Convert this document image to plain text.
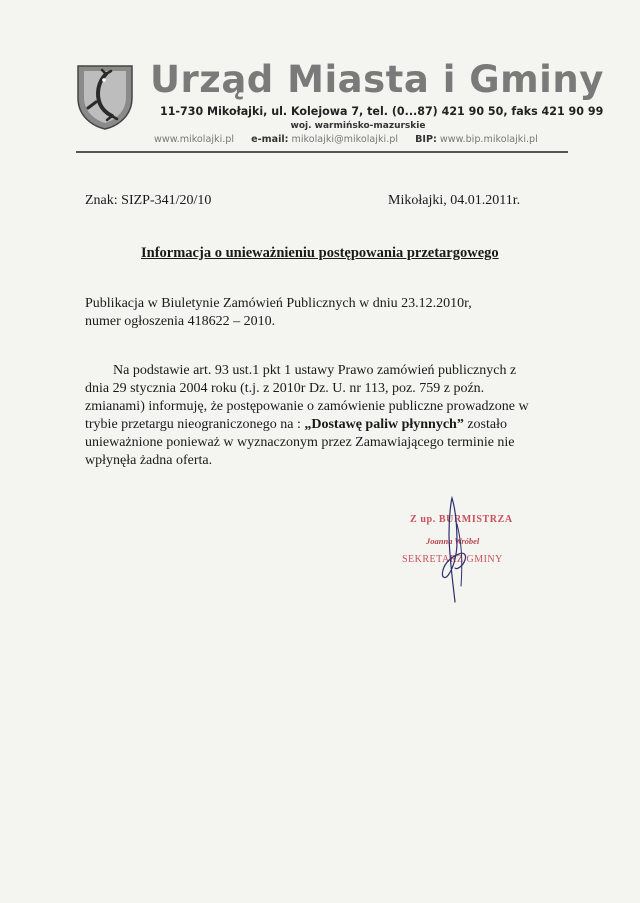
Urząd Miasta i Gminy
11-730 Mikołajki, ul. Kolejowa 7, tel. (0...87) 421 90 50, faks 421 90 99
woj. warmińsko-mazurskie
www.mikolajki.pl e-mail: mikolajki@mikolajki.pl BIP: www.bip.mikolajki.pl
Znak: SIZP-341/20/10	Mikołajki, 04.01.2011r.
Informacja o unieważnieniu postępowania przetargowego
Publikacja w Biuletynie Zamówień Publicznych w dniu 23.12.2010r,
numer ogłoszenia 418622 – 2010.
Na podstawie art. 93 ust.1 pkt 1 ustawy Prawo zamówień publicznych z
dnia 29 stycznia 2004 roku (t.j. z 2010r Dz. U. nr 113, poz. 759 z poźn.
zmianami) informuję, że postępowanie o zamówienie publiczne prowadzone w
trybie przetargu nieograniczonego na : „Dostawę paliw płynnych” zostało
unieważnione ponieważ w wyznaczonym przez Zamawiającego terminie nie
wpłynęła żadna oferta.
Z up. BURMISTRZA
Joanna Wróbel
SEKRETARZ GMINY
